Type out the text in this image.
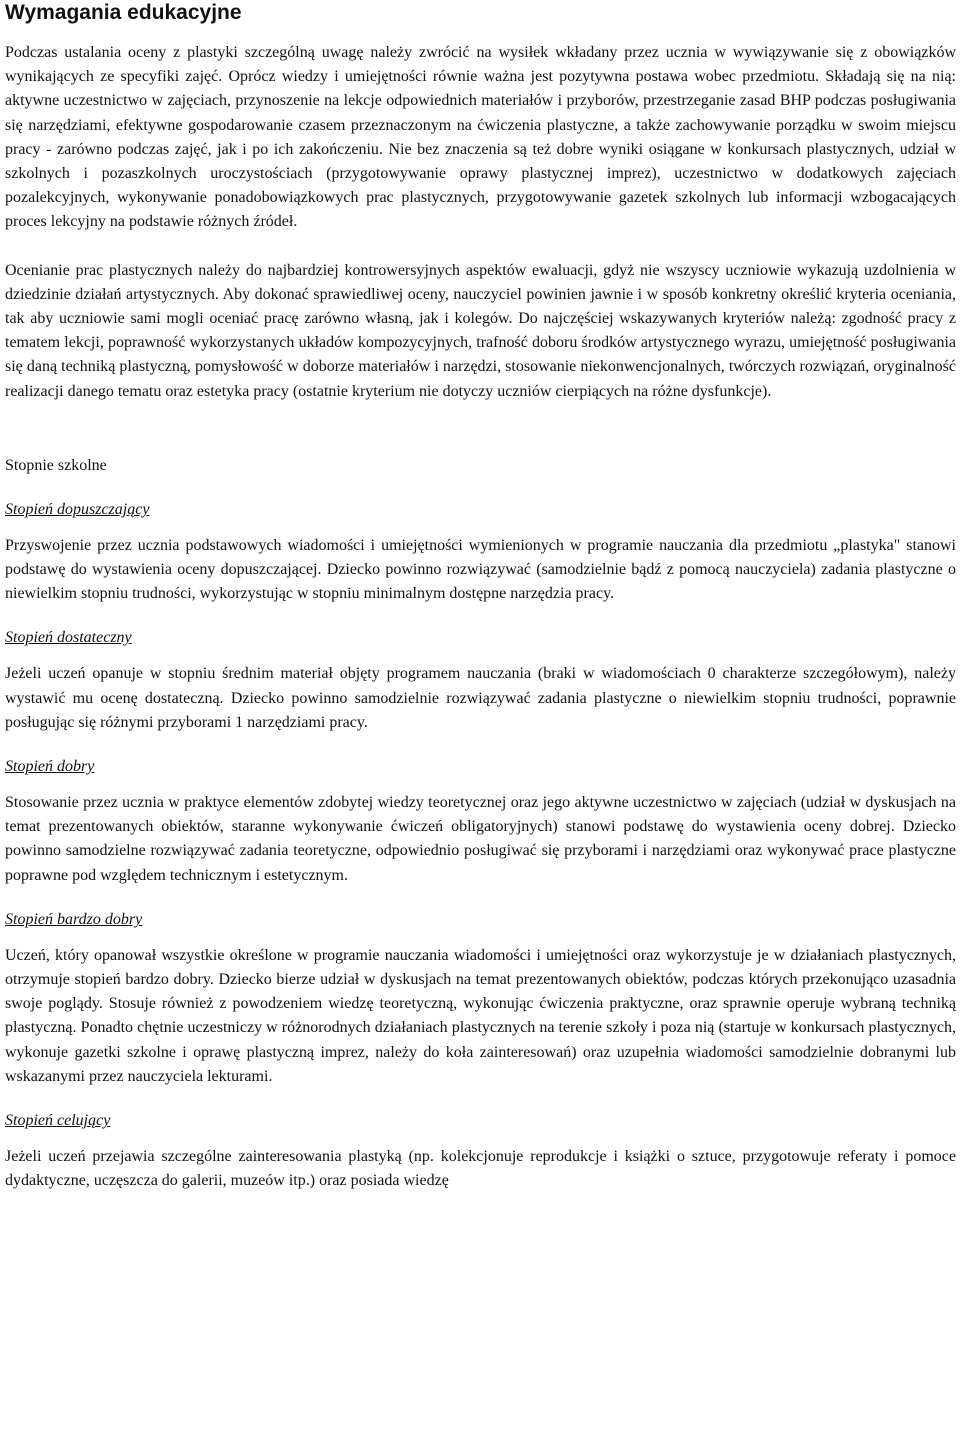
Wymagania edukacyjne

Podczas ustalania oceny z plastyki szczególną uwagę należy zwrócić na wysiłek wkładany przez ucznia w wywiązywanie się z obowiązków wynikających ze specyfiki zajęć. Oprócz wiedzy i umiejętności równie ważna jest pozytywna postawa wobec przedmiotu. Składają się na nią: aktywne uczestnictwo w zajęciach, przynoszenie na lekcje odpowiednich materiałów i przyborów, przestrzeganie zasad BHP podczas posługiwania się narzędziami, efektywne gospodarowanie czasem przeznaczonym na ćwiczenia plastyczne, a także zachowywanie porządku w swoim miejscu pracy - zarówno podczas zajęć, jak i po ich zakończeniu. Nie bez znaczenia są też dobre wyniki osiągane w konkursach plastycznych, udział w szkolnych i pozaszkolnych uroczystościach (przygotowywanie oprawy plastycznej imprez), uczestnictwo w dodatkowych zajęciach pozalekcyjnych, wykonywanie ponadobowiązkowych prac plastycznych, przygotowywanie gazetek szkolnych lub informacji wzbogacających proces lekcyjny na podstawie różnych źródeł.

Ocenianie prac plastycznych należy do najbardziej kontrowersyjnych aspektów ewaluacji, gdyż nie wszyscy uczniowie wykazują uzdolnienia w dziedzinie działań artystycznych. Aby dokonać sprawiedliwej oceny, nauczyciel powinien jawnie i w sposób konkretny określić kryteria oceniania, tak aby uczniowie sami mogli oceniać pracę zarówno własną, jak i kolegów. Do najczęściej wskazywanych kryteriów należą: zgodność pracy z tematem lekcji, poprawność wykorzystanych układów kompozycyjnych, trafność doboru środków artystycznego wyrazu, umiejętność posługiwania się daną techniką plastyczną, pomysłowość w doborze materiałów i narzędzi, stosowanie niekonwencjonalnych, twórczych rozwiązań, oryginalność realizacji danego tematu oraz estetyka pracy (ostatnie kryterium nie dotyczy uczniów cierpiących na różne dysfunkcje).

Stopnie szkolne
Stopień dopuszczający

Przyswojenie przez ucznia podstawowych wiadomości i umiejętności wymienionych w programie nauczania dla przedmiotu „plastyka" stanowi podstawę do wystawienia oceny dopuszczającej. Dziecko powinno rozwiązywać (samodzielnie bądź z pomocą nauczyciela) zadania plastyczne o niewielkim stopniu trudności, wykorzystując w stopniu minimalnym dostępne narzędzia pracy.

Stopień dostateczny

Jeżeli uczeń opanuje w stopniu średnim materiał objęty programem nauczania (braki w wiadomościach 0 charakterze szczegółowym), należy wystawić mu ocenę dostateczną. Dziecko powinno samodzielnie rozwiązywać zadania plastyczne o niewielkim stopniu trudności, poprawnie posługując się różnymi przyborami 1 narzędziami pracy.

Stopień dobry

Stosowanie przez ucznia w praktyce elementów zdobytej wiedzy teoretycznej oraz jego aktywne uczestnictwo w zajęciach (udział w dyskusjach na temat prezentowanych obiektów, staranne wykonywanie ćwiczeń obligatoryjnych) stanowi podstawę do wystawienia oceny dobrej. Dziecko powinno samodzielne rozwiązywać zadania teoretyczne, odpowiednio posługiwać się przyborami i narzędziami oraz wykonywać prace plastyczne poprawne pod względem technicznym i estetycznym.

Stopień bardzo dobry

Uczeń, który opanował wszystkie określone w programie nauczania wiadomości i umiejętności oraz wykorzystuje je w działaniach plastycznych, otrzymuje stopień bardzo dobry. Dziecko bierze udział w dyskusjach na temat prezentowanych obiektów, podczas których przekonująco uzasadnia swoje poglądy. Stosuje również z powodzeniem wiedzę teoretyczną, wykonując ćwiczenia praktyczne, oraz sprawnie operuje wybraną techniką plastyczną. Ponadto chętnie uczestniczy w różnorodnych działaniach plastycznych na terenie szkoły i poza nią (startuje w konkursach plastycznych, wykonuje gazetki szkolne i oprawę plastyczną imprez, należy do koła zainteresowań) oraz uzupełnia wiadomości samodzielnie dobranymi lub wskazanymi przez nauczyciela lekturami.

Stopień celujący

Jeżeli uczeń przejawia szczególne zainteresowania plastyką (np. kolekcjonuje reprodukcje i książki o sztuce, przygotowuje referaty i pomoce dydaktyczne, uczęszcza do galerii, muzeów itp.) oraz posiada wiedzę
